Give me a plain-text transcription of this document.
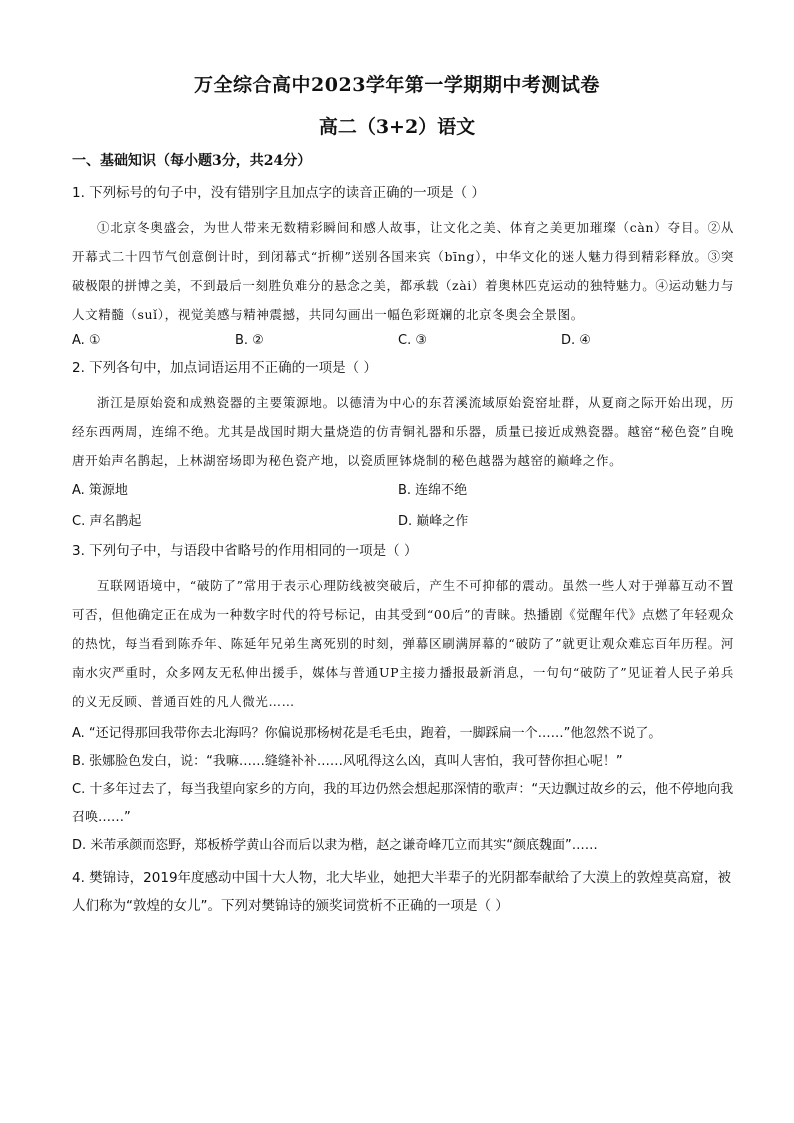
万全综合高中2023学年第一学期期中考测试卷
高二（3+2）语文
一、基础知识（每小题3分，共24分）

1. 下列标号的句子中，没有错别字且加点字的读音正确的一项是（ ）

①北京冬奥盛会，为世人带来无数精彩瞬间和感人故事，让文化之美、体育之美更加璀璨（càn）夺目。②从开幕式二十四节气创意倒计时，到闭幕式“折柳”送别各国来宾（bīng），中华文化的迷人魅力得到精彩释放。③突破极限的拼博之美，不到最后一刻胜负难分的悬念之美，都承载（zài）着奥林匹克运动的独特魅力。④运动魅力与人文精髓（suǐ），视觉美感与精神震撼，共同勾画出一幅色彩斑斓的北京冬奥会全景图。

A. ①	B. ②	C. ③	D. ④

2. 下列各句中，加点词语运用不正确的一项是（ ）

浙江是原始瓷和成熟瓷器的主要策源地。以德清为中心的东苕溪流域原始瓷窑址群，从夏商之际开始出现，历经东西两周，连绵不绝。尤其是战国时期大量烧造的仿青铜礼器和乐器，质量已接近成熟瓷器。越窑“秘色瓷”自晚唐开始声名鹊起，上林湖窑场即为秘色瓷产地，以瓷质匣钵烧制的秘色越器为越窑的巅峰之作。

A. 策源地	B. 连绵不绝
C. 声名鹊起	D. 巅峰之作

3. 下列句子中，与语段中省略号的作用相同的一项是（ ）

互联网语境中，“破防了”常用于表示心理防线被突破后，产生不可抑郁的震动。虽然一些人对于弹幕互动不置可否，但他确定正在成为一种数字时代的符号标记，由其受到“00后”的青睐。热播剧《觉醒年代》点燃了年轻观众的热忱，每当看到陈乔年、陈延年兄弟生离死别的时刻，弹幕区刷满屏幕的“破防了”就更让观众难忘百年历程。河南水灾严重时，众多网友无私伸出援手，媒体与普通UP主接力播报最新消息，一句句“破防了”见证着人民子弟兵的义无反顾、普通百姓的凡人微光……

A. “还记得那回我带你去北海吗？你偏说那杨树花是毛毛虫，跑着，一脚踩扁一个……”他忽然不说了。

B. 张娜脸色发白，说：“我嘛……缝缝补补……风吼得这么凶，真叫人害怕，我可替你担心呢！”

C. 十多年过去了，每当我望向家乡的方向，我的耳边仍然会想起那深情的歌声：“天边飘过故乡的云，他不停地向我召唤……”

D. 米芾承颜而恣野，郑板桥学黄山谷而后以隶为楷，赵之谦奇峰兀立而其实“颜底魏面”……

4. 樊锦诗，2019年度感动中国十大人物，北大毕业，她把大半辈子的光阴都奉献给了大漠上的敦煌莫高窟，被人们称为“敦煌的女儿”。下列对樊锦诗的颁奖词赏析不正确的一项是（ ）
